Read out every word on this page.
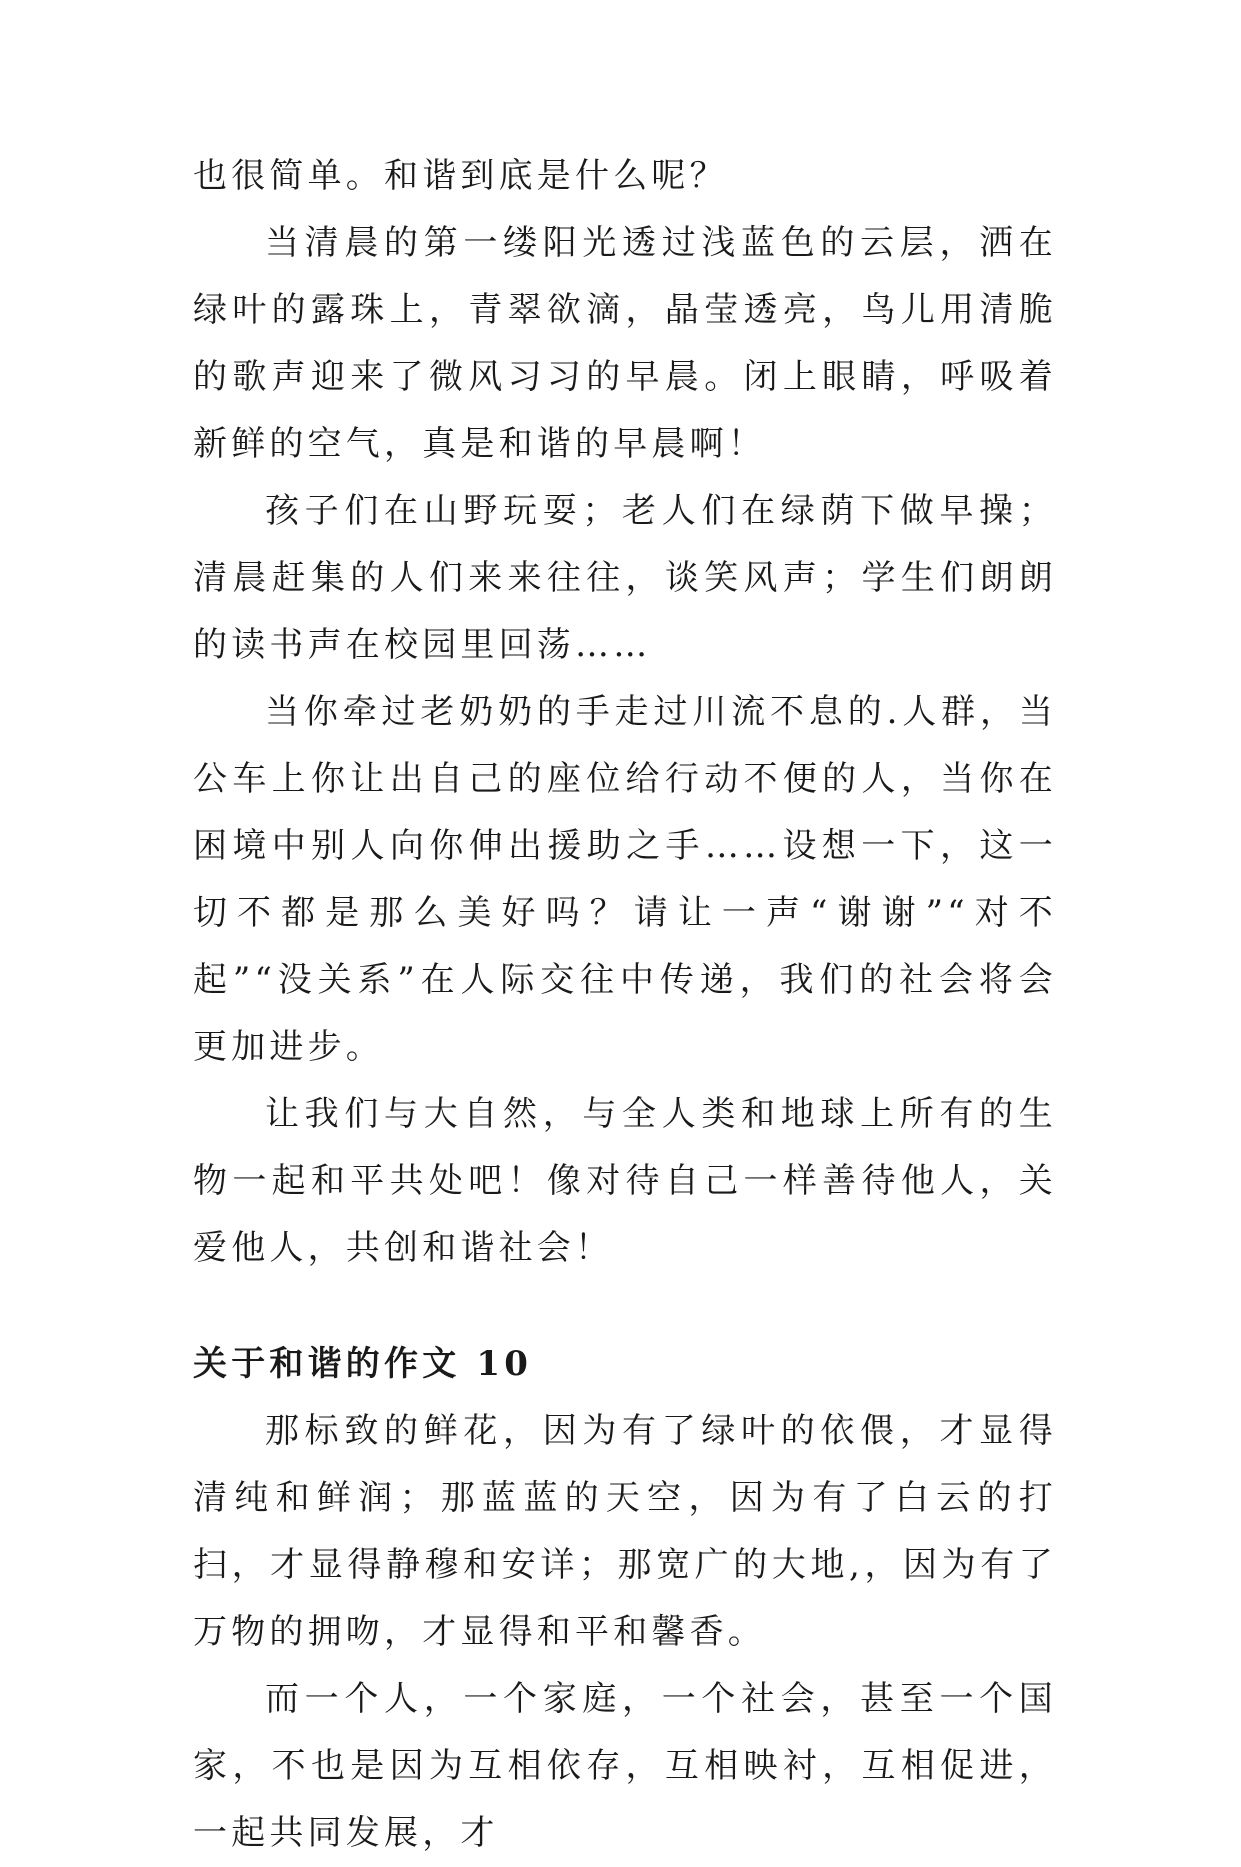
也很简单。和谐到底是什么呢？

当清晨的第一缕阳光透过浅蓝色的云层，洒在绿叶的露珠上，青翠欲滴，晶莹透亮，鸟儿用清脆的歌声迎来了微风习习的早晨。闭上眼睛，呼吸着新鲜的空气，真是和谐的早晨啊！

孩子们在山野玩耍；老人们在绿荫下做早操；清晨赶集的人们来来往往，谈笑风声；学生们朗朗的读书声在校园里回荡……

当你牵过老奶奶的手走过川流不息的.人群，当公车上你让出自己的座位给行动不便的人，当你在困境中别人向你伸出援助之手……设想一下，这一切不都是那么美好吗？请让一声“谢谢”“对不起”“没关系”在人际交往中传递，我们的社会将会更加进步。

让我们与大自然，与全人类和地球上所有的生物一起和平共处吧！像对待自己一样善待他人，关爱他人，共创和谐社会！

关于和谐的作文 10

那标致的鲜花，因为有了绿叶的依偎，才显得清纯和鲜润；那蓝蓝的天空，因为有了白云的打扫，才显得静穆和安详；那宽广的大地,，因为有了万物的拥吻，才显得和平和馨香。

而一个人，一个家庭，一个社会，甚至一个国家，不也是因为互相依存，互相映衬，互相促进，一起共同发展，才
